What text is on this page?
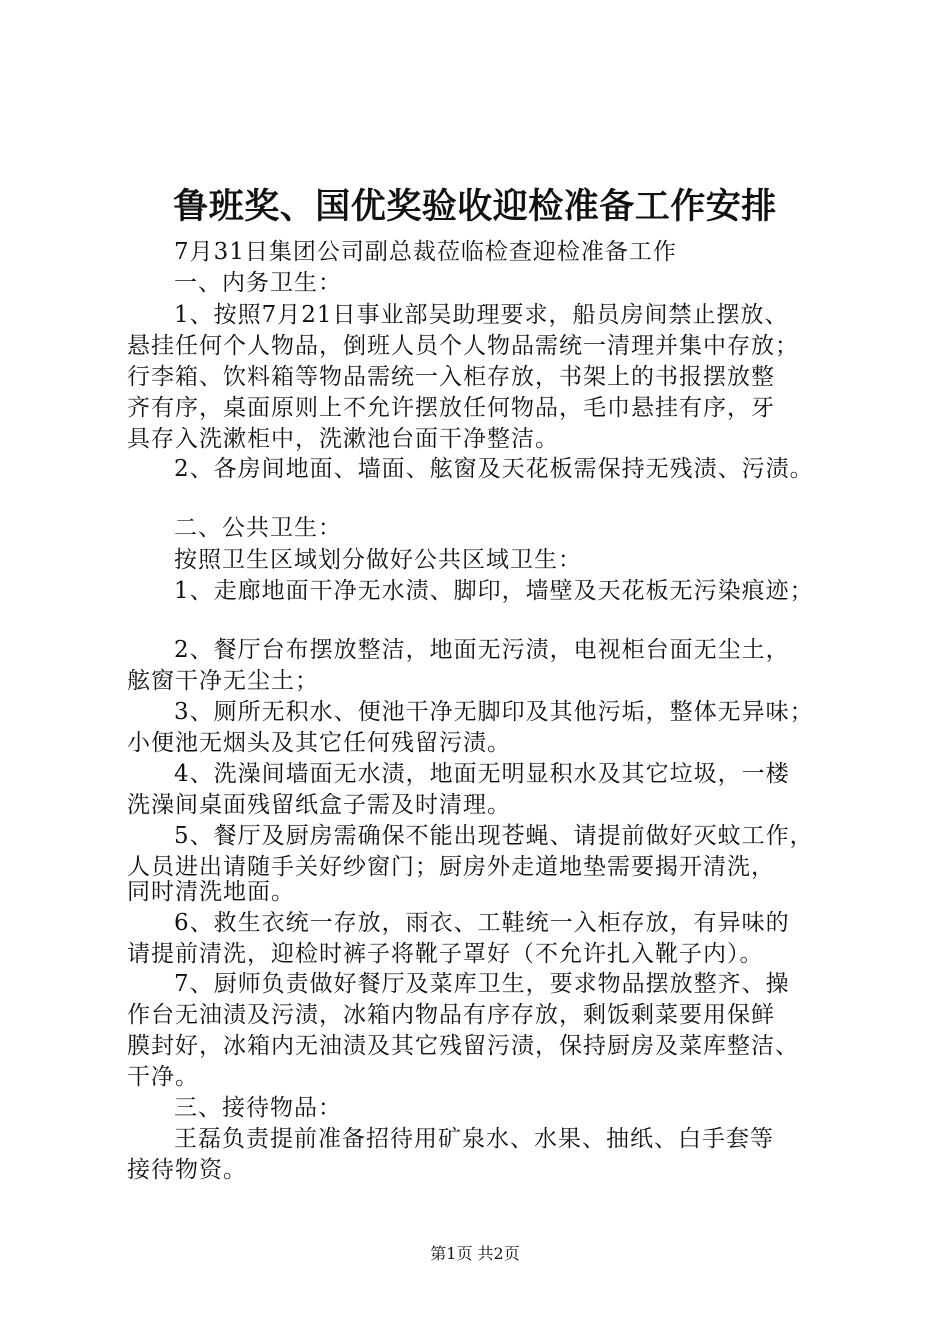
鲁班奖、国优奖验收迎检准备工作安排
7月31日集团公司副总裁莅临检查迎检准备工作
一、内务卫生：
1、按照7月21日事业部吴助理要求，船员房间禁止摆放、
悬挂任何个人物品，倒班人员个人物品需统一清理并集中存放；
行李箱、饮料箱等物品需统一入柜存放，书架上的书报摆放整
齐有序，桌面原则上不允许摆放任何物品，毛巾悬挂有序，牙
具存入洗漱柜中，洗漱池台面干净整洁。
2、各房间地面、墙面、舷窗及天花板需保持无残渍、污渍。
二、公共卫生：
按照卫生区域划分做好公共区域卫生：
1、走廊地面干净无水渍、脚印，墙壁及天花板无污染痕迹；
2、餐厅台布摆放整洁，地面无污渍，电视柜台面无尘土，
舷窗干净无尘土；
3、厕所无积水、便池干净无脚印及其他污垢，整体无异味；
小便池无烟头及其它任何残留污渍。
4、洗澡间墙面无水渍，地面无明显积水及其它垃圾，一楼
洗澡间桌面残留纸盒子需及时清理。
5、餐厅及厨房需确保不能出现苍蝇、请提前做好灭蚊工作，
人员进出请随手关好纱窗门；厨房外走道地垫需要揭开清洗，
同时清洗地面。
6、救生衣统一存放，雨衣、工鞋统一入柜存放，有异味的
请提前清洗，迎检时裤子将靴子罩好（不允许扎入靴子内）。
7、厨师负责做好餐厅及菜库卫生，要求物品摆放整齐、操
作台无油渍及污渍，冰箱内物品有序存放，剩饭剩菜要用保鲜
膜封好，冰箱内无油渍及其它残留污渍，保持厨房及菜库整洁、
干净。
三、接待物品：
王磊负责提前准备招待用矿泉水、水果、抽纸、白手套等
接待物资。
第1页 共2页
